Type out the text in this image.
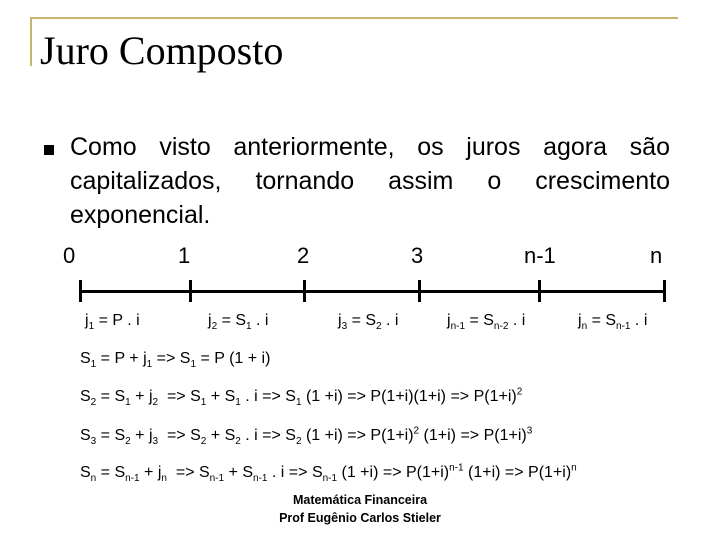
Juro Composto
Como visto anteriormente, os juros agora são capitalizados, tornando assim o crescimento exponencial.
0	1	2	3	n-1	n
$j_1 = P$ . i	$j_2 = S_1$ . i	$j_3 = S_2$ . i	$j_{n-1} = S_{n-2}$ . i	$j_n = S_{n-1}$ . i
$S_1 = P + j_1 => S_1 = P$ (1 + i)
$S_2 = S_1 + j_2 => S_1 + S_1$ . $i => S_1$ $(1 +i) => P(1+i)(1+i) => P(1+i)^2$
$S_3 = S_2 + j_3 => S_2 + S_2$ . $i => S_2$ $(1 +i) => P(1+i)^2$ $(1+i) => P(1+i)^3$
$S_n = S_{n-1} + j_n => S_{n-1} + S_{n-1}$ . $i => S_{n-1}$ $(1 +i) => P(1+i)^{n-1}$ $(1+i) => P(1+i)^n$
Matemática Financeira
Prof Eugênio Carlos Stieler
